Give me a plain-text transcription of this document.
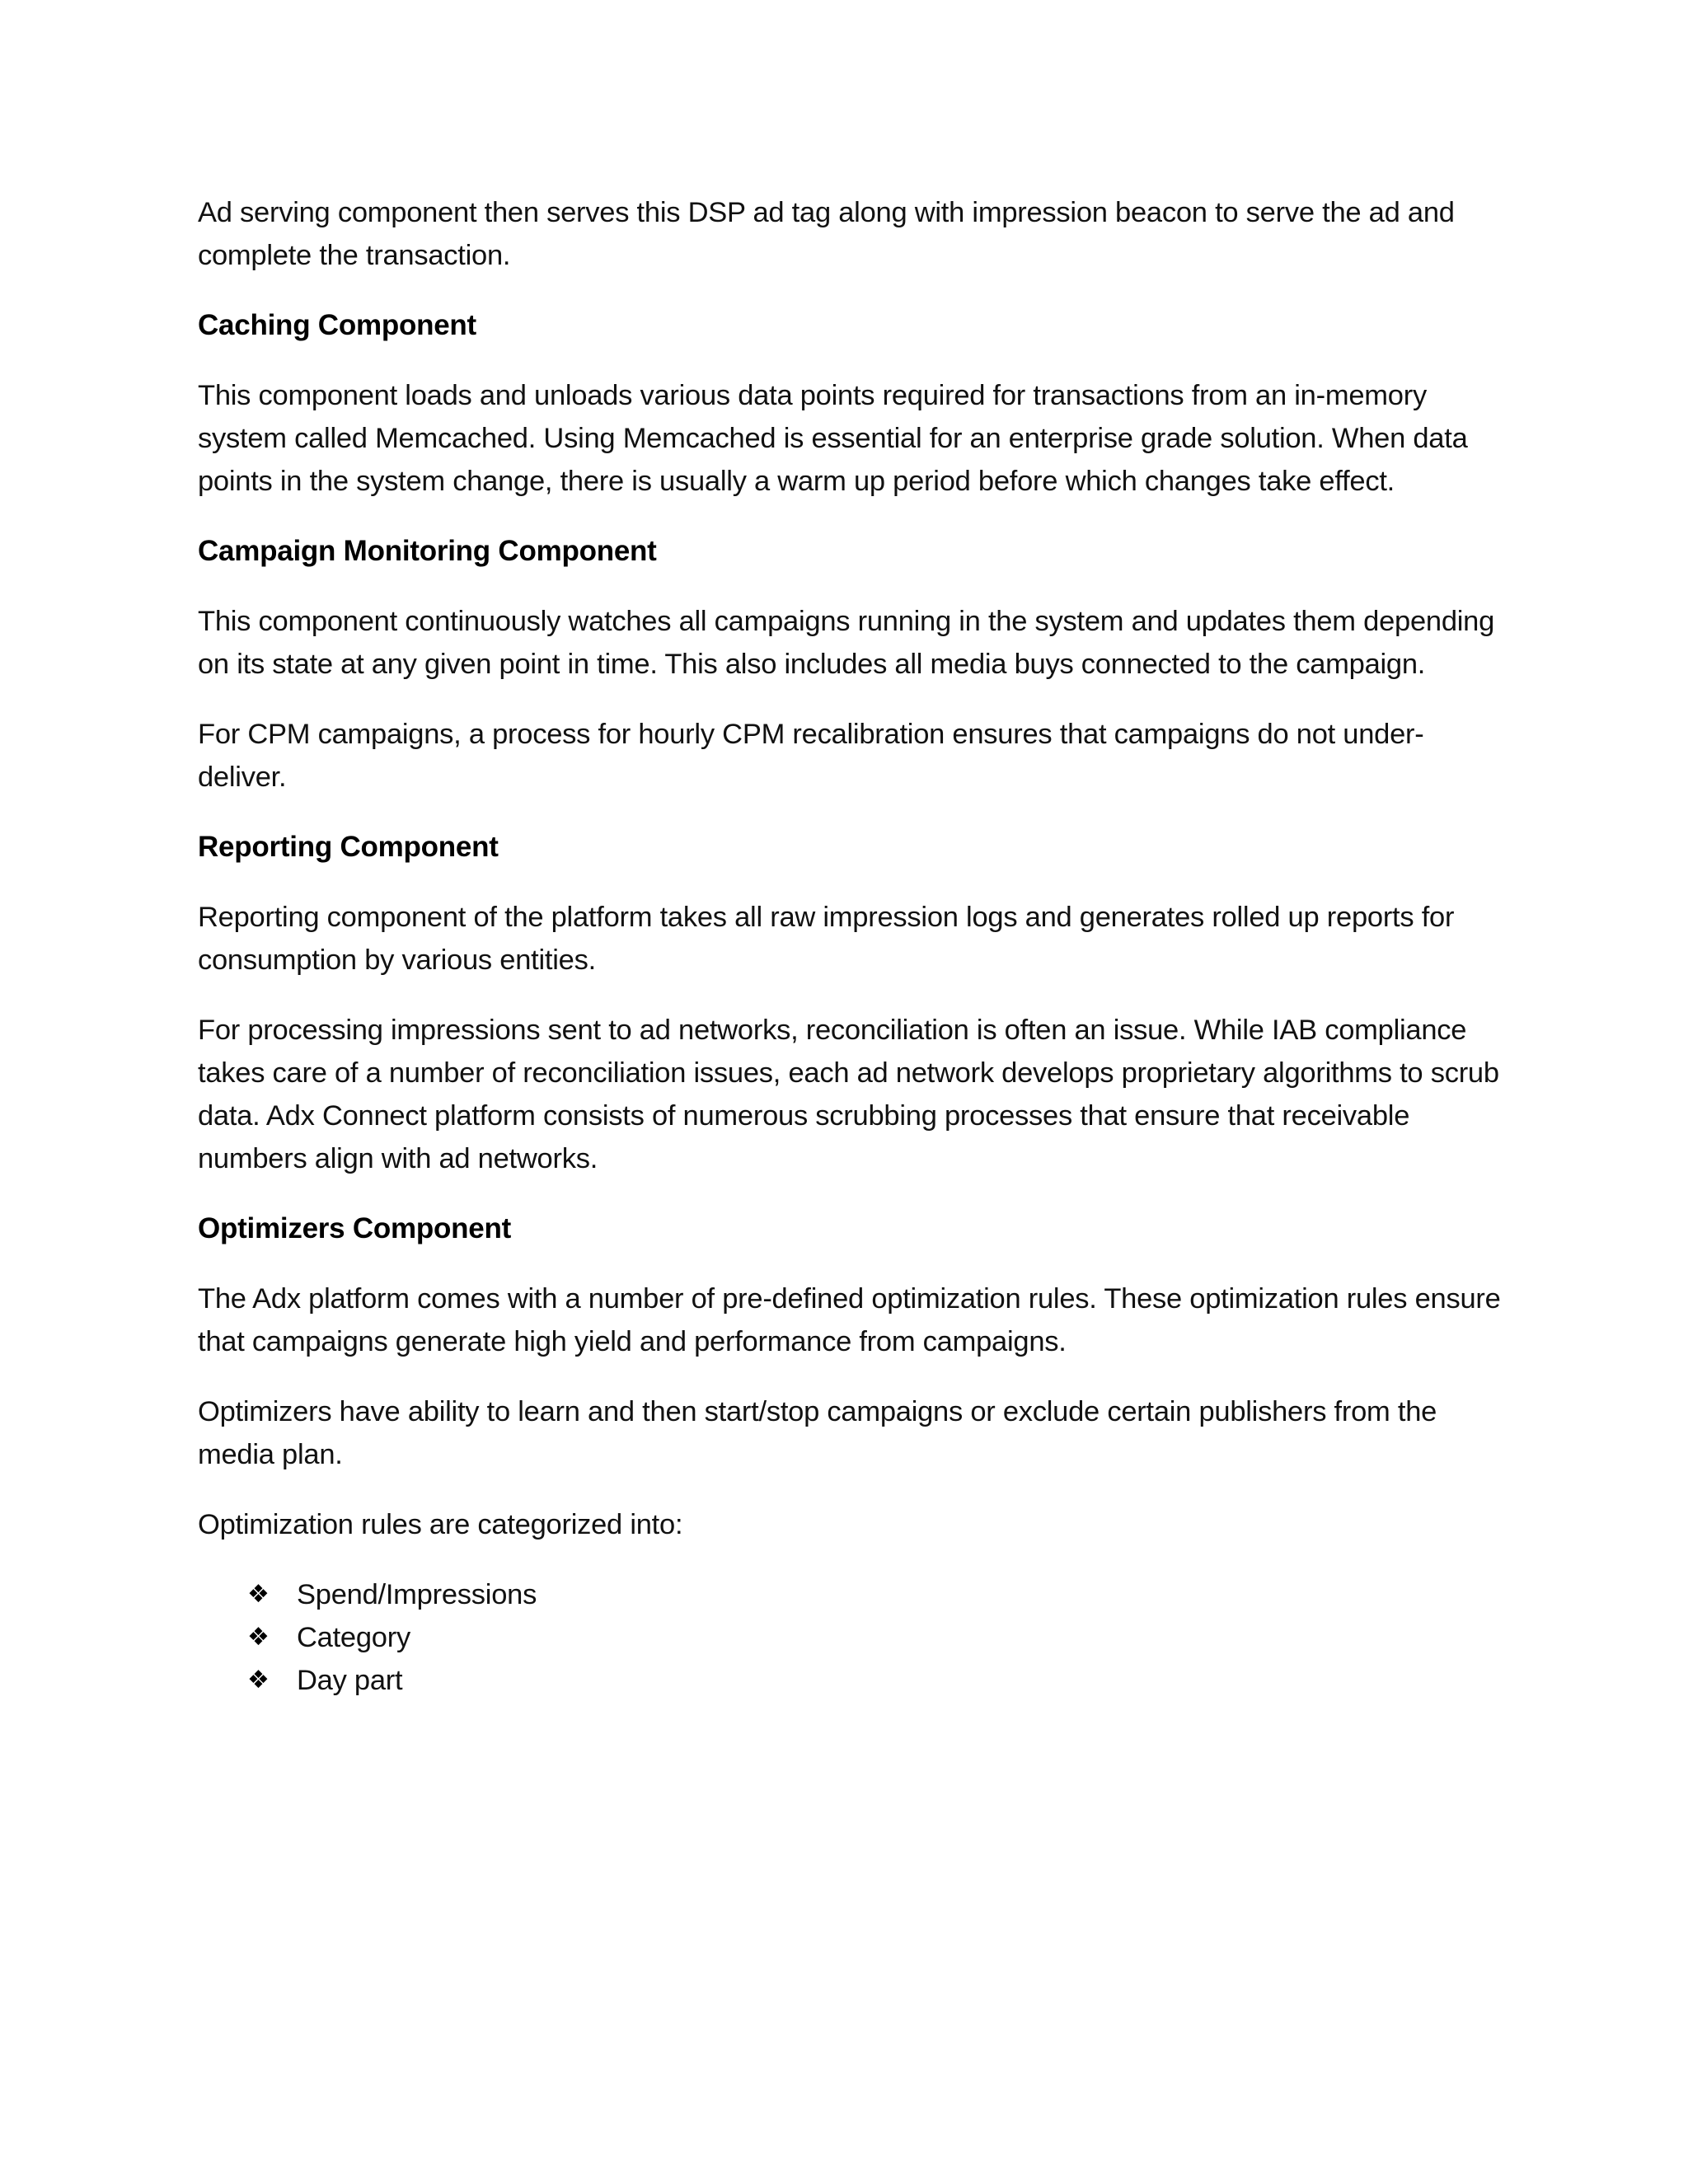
Ad serving component then serves this DSP ad tag along with impression beacon to serve the ad and complete the transaction.

Caching Component

This component loads and unloads various data points required for transactions from an in-memory system called Memcached. Using Memcached is essential for an enterprise grade solution. When data points in the system change, there is usually a warm up period before which changes take effect.

Campaign Monitoring Component

This component continuously watches all campaigns running in the system and updates them depending on its state at any given point in time. This also includes all media buys connected to the campaign.

For CPM campaigns, a process for hourly CPM recalibration ensures that campaigns do not under-deliver.

Reporting Component

Reporting component of the platform takes all raw impression logs and generates rolled up reports for consumption by various entities.

For processing impressions sent to ad networks, reconciliation is often an issue. While IAB compliance takes care of a number of reconciliation issues, each ad network develops proprietary algorithms to scrub data. Adx Connect platform consists of numerous scrubbing processes that ensure that receivable numbers align with ad networks.

Optimizers Component

The Adx platform comes with a number of pre-defined optimization rules. These optimization rules ensure that campaigns generate high yield and performance from campaigns.

Optimizers have ability to learn and then start/stop campaigns or exclude certain publishers from the media plan.

Optimization rules are categorized into:

❖ Spend/Impressions
❖ Category
❖ Day part
